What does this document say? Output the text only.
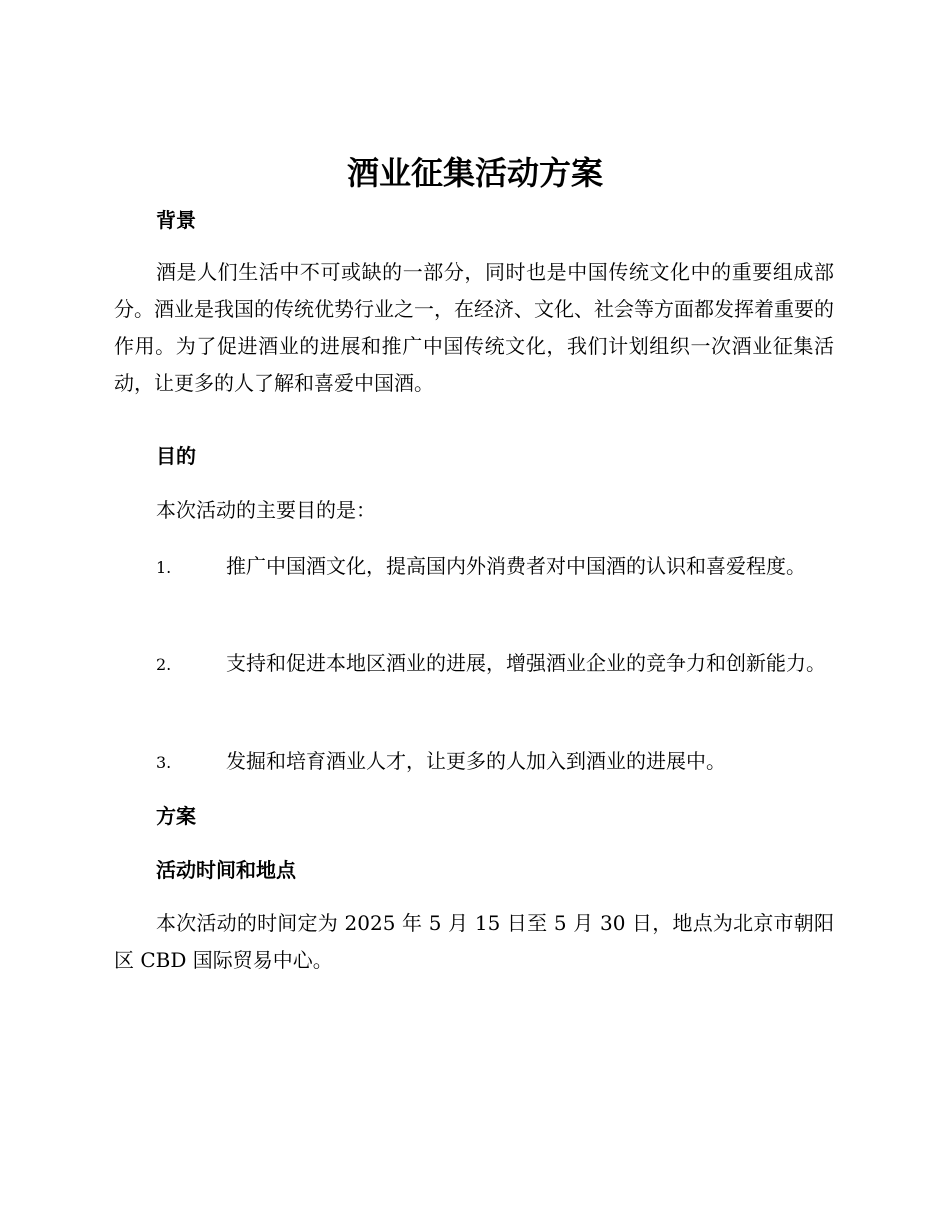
酒业征集活动方案
背景
酒是人们生活中不可或缺的一部分，同时也是中国传统文化中的重要组成部分。酒业是我国的传统优势行业之一，在经济、文化、社会等方面都发挥着重要的作用。为了促进酒业的进展和推广中国传统文化，我们计划组织一次酒业征集活动，让更多的人了解和喜爱中国酒。
目的
本次活动的主要目的是：
1.	推广中国酒文化，提高国内外消费者对中国酒的认识和喜爱程度。
2.	支持和促进本地区酒业的进展，增强酒业企业的竞争力和创新能力。
3.	发掘和培育酒业人才，让更多的人加入到酒业的进展中。
方案
活动时间和地点
本次活动的时间定为 2025 年 5 月 15 日至 5 月 30 日，地点为北京市朝阳区 CBD 国际贸易中心。
